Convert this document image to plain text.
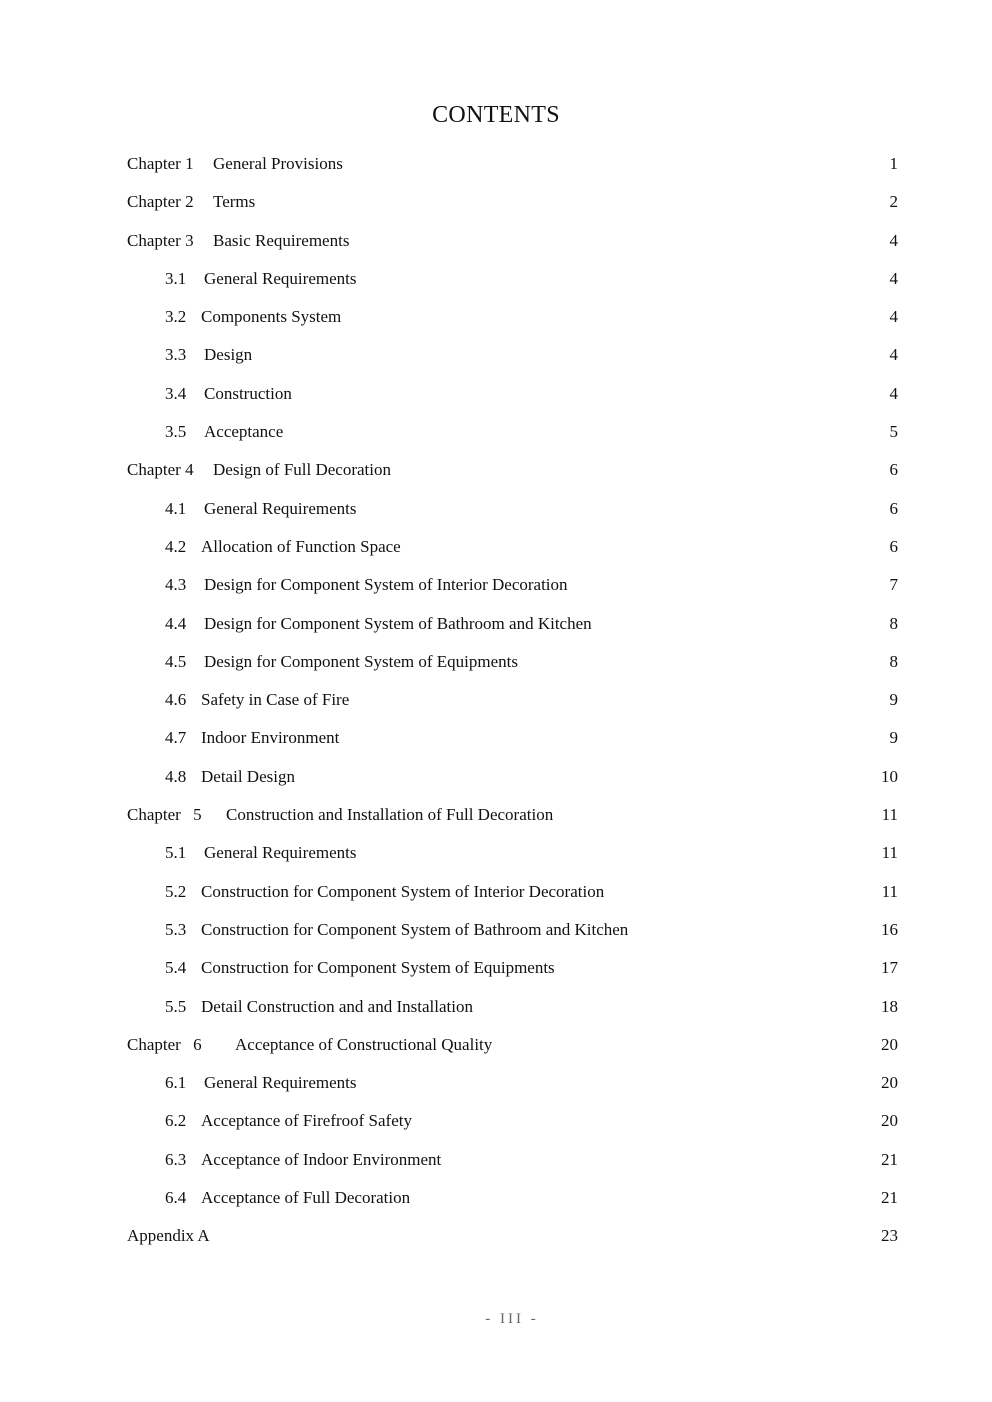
CONTENTS
Chapter 1 General Provisions	1
Chapter 2 Terms	2
Chapter 3 Basic Requirements	4
3.1 General Requirements	4
3.2 Components System	4
3.3 Design	4
3.4 Construction	4
3.5 Acceptance	5
Chapter 4 Design of Full Decoration	6
4.1 General Requirements	6
4.2 Allocation of Function Space	6
4.3 Design for Component System of Interior Decoration	7
4.4 Design for Component System of Bathroom and Kitchen	8
4.5 Design for Component System of Equipments	8
4.6 Safety in Case of Fire	9
4.7 Indoor Environment	9
4.8 Detail Design	10
Chapter 5 Construction and Installation of Full Decoration	11
5.1 General Requirements	11
5.2 Construction for Component System of Interior Decoration	11
5.3 Construction for Component System of Bathroom and Kitchen	16
5.4 Construction for Component System of Equipments	17
5.5 Detail Construction and and Installation	18
Chapter 6 Acceptance of Constructional Quality	20
6.1 General Requirements	20
6.2 Acceptance of Firefroof Safety	20
6.3 Acceptance of Indoor Environment	21
6.4 Acceptance of Full Decoration	21
Appendix A	23
- III -
